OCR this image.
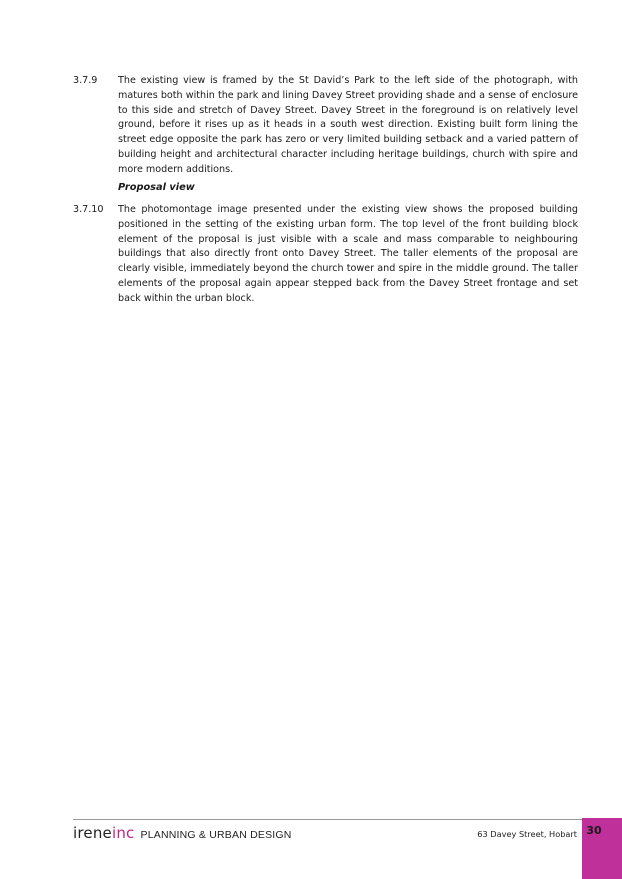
3.7.9	The existing view is framed by the St David’s Park to the left side of the photograph, with matures both within the park and lining Davey Street providing shade and a sense of enclosure to this side and stretch of Davey Street. Davey Street in the foreground is on relatively level ground, before it rises up as it heads in a south west direction. Existing built form lining the street edge opposite the park has zero or very limited building setback and a varied pattern of building height and architectural character including heritage buildings, church with spire and more modern additions.
Proposal view
3.7.10	The photomontage image presented under the existing view shows the proposed building positioned in the setting of the existing urban form. The top level of the front building block element of the proposal is just visible with a scale and mass comparable to neighbouring buildings that also directly front onto Davey Street. The taller elements of the proposal are clearly visible, immediately beyond the church tower and spire in the middle ground. The taller elements of the proposal again appear stepped back from the Davey Street frontage and set back within the urban block.
irene inc PLANNING & URBAN DESIGN	63 Davey Street, Hobart 30
